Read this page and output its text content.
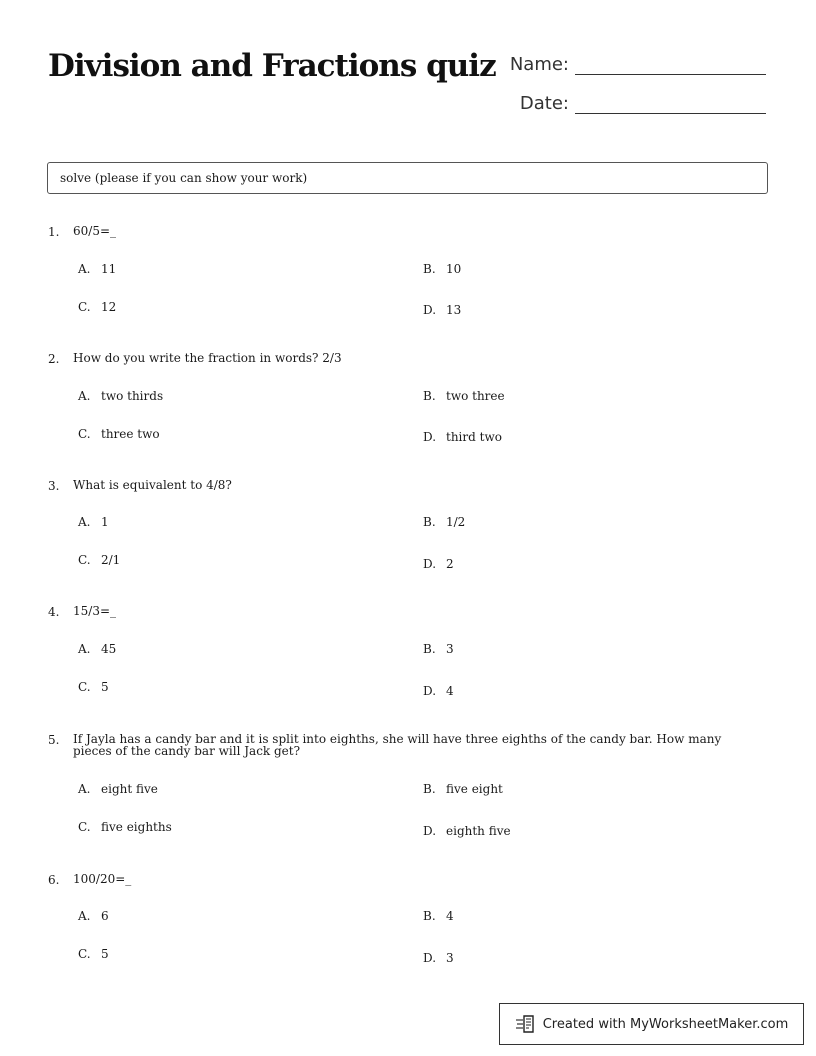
Division and Fractions quiz Name:
Date:
solve (please if you can show your work)
1. 60/5=_
A. 11	B. 10
C. 12	D. 13
2. How do you write the fraction in words? 2/3
A. two thirds	B. two three
C. three two	D. third two
3. What is equivalent to 4/8?
A. 1	B. 1/2
C. 2/1	D. 2
4. 15/3=_
A. 45	B. 3
C. 5	D. 4
5. If Jayla has a candy bar and it is split into eighths, she will have three eighths of the candy bar. How many pieces of the candy bar will Jack get?
A. eight five	B. five eight
C. five eighths	D. eighth five
6. 100/20=_
A. 6	B. 4
C. 5	D. 3
Created with MyWorksheetMaker.com
